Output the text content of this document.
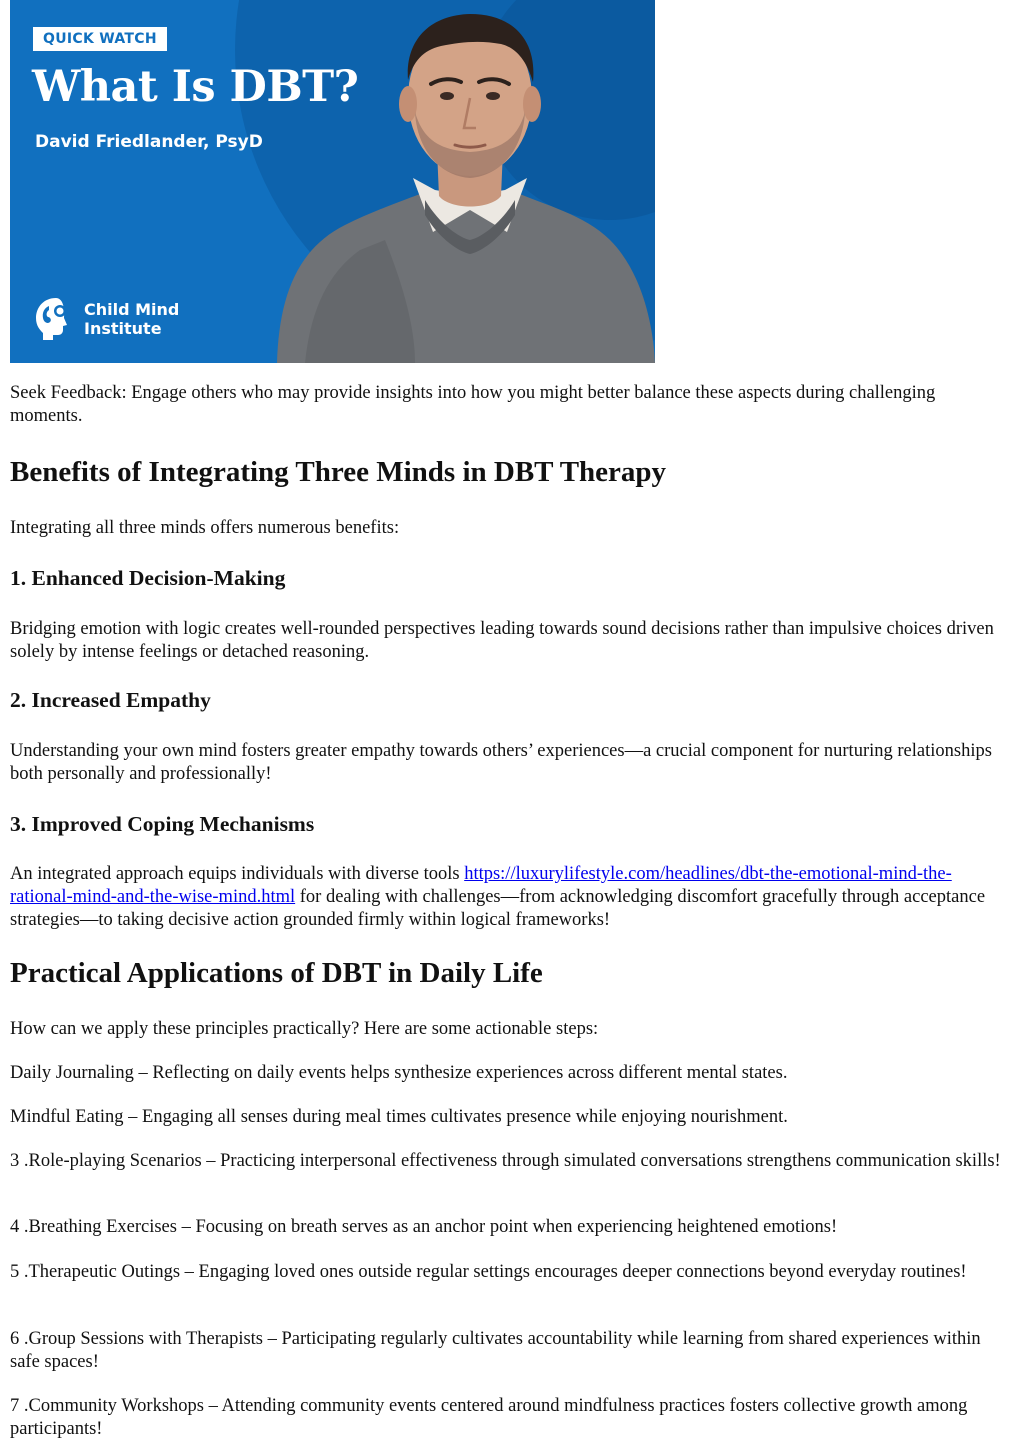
QUICK WATCH
What Is DBT?
David Friedlander, PsyD
Child Mind Institute

Seek Feedback: Engage others who may provide insights into how you might better balance these aspects during challenging moments.

Benefits of Integrating Three Minds in DBT Therapy

Integrating all three minds offers numerous benefits:

1. Enhanced Decision-Making

Bridging emotion with logic creates well-rounded perspectives leading towards sound decisions rather than impulsive choices driven solely by intense feelings or detached reasoning.

2. Increased Empathy

Understanding your own mind fosters greater empathy towards others’ experiences—a crucial component for nurturing relationships both personally and professionally!

3. Improved Coping Mechanisms

An integrated approach equips individuals with diverse tools https://luxurylifestyle.com/headlines/dbt-the-emotional-mind-the-rational-mind-and-the-wise-mind.html for dealing with challenges—from acknowledging discomfort gracefully through acceptance strategies—to taking decisive action grounded firmly within logical frameworks!

Practical Applications of DBT in Daily Life

How can we apply these principles practically? Here are some actionable steps:

Daily Journaling – Reflecting on daily events helps synthesize experiences across different mental states.

Mindful Eating – Engaging all senses during meal times cultivates presence while enjoying nourishment.

3 .Role-playing Scenarios – Practicing interpersonal effectiveness through simulated conversations strengthens communication skills!

4 .Breathing Exercises – Focusing on breath serves as an anchor point when experiencing heightened emotions!

5 .Therapeutic Outings – Engaging loved ones outside regular settings encourages deeper connections beyond everyday routines!

6 .Group Sessions with Therapists – Participating regularly cultivates accountability while learning from shared experiences within safe spaces!

7 .Community Workshops – Attending community events centered around mindfulness practices fosters collective growth among participants!
